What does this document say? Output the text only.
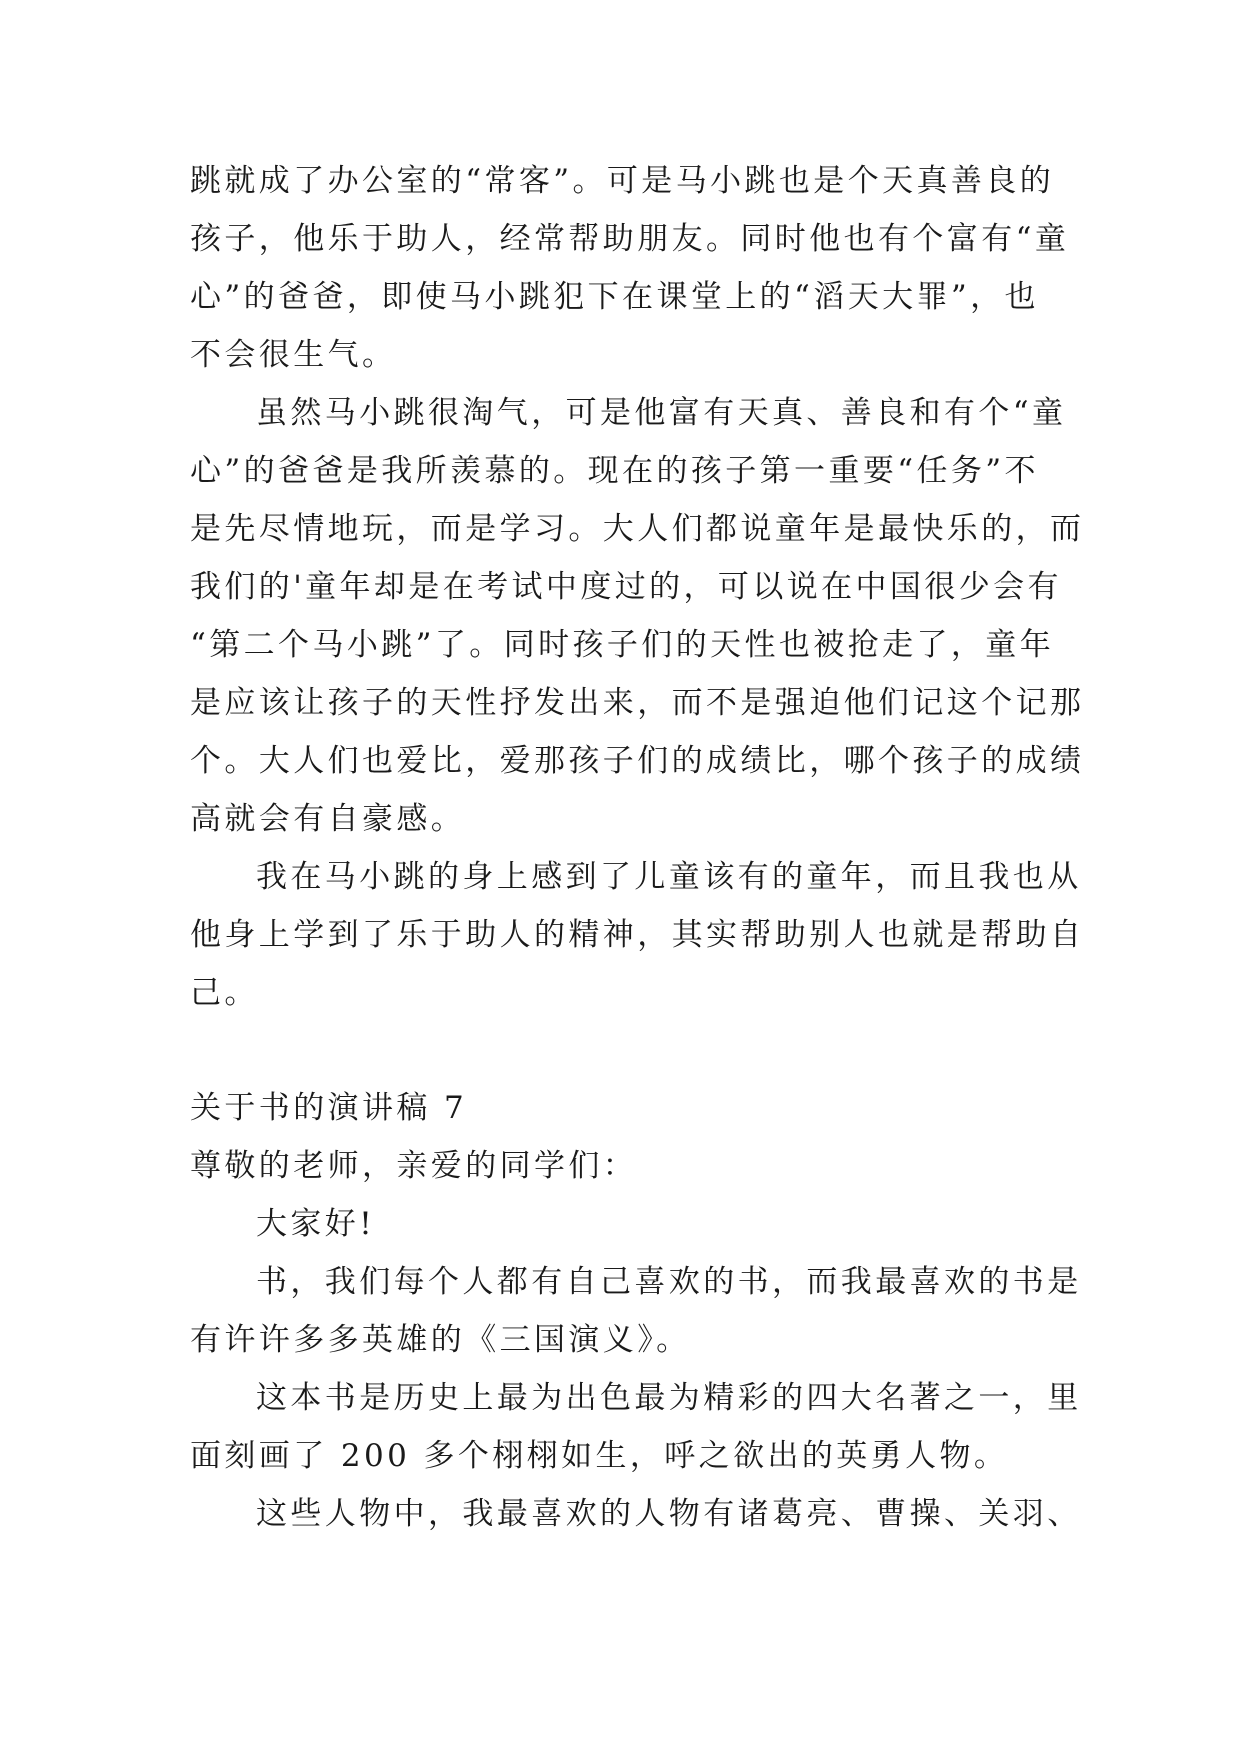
跳就成了办公室的“常客”。可是马小跳也是个天真善良的

孩子，他乐于助人，经常帮助朋友。同时他也有个富有“童

心”的爸爸，即使马小跳犯下在课堂上的“滔天大罪”，也

不会很生气。

虽然马小跳很淘气，可是他富有天真、善良和有个“童

心”的爸爸是我所羡慕的。现在的孩子第一重要“任务”不

是先尽情地玩，而是学习。大人们都说童年是最快乐的，而

我们的'童年却是在考试中度过的，可以说在中国很少会有

“第二个马小跳”了。同时孩子们的天性也被抢走了，童年

是应该让孩子的天性抒发出来，而不是强迫他们记这个记那

个。大人们也爱比，爱那孩子们的成绩比，哪个孩子的成绩

高就会有自豪感。

我在马小跳的身上感到了儿童该有的童年，而且我也从

他身上学到了乐于助人的精神，其实帮助别人也就是帮助自

己。

关于书的演讲稿 7

尊敬的老师，亲爱的同学们：

大家好!

书，我们每个人都有自己喜欢的书，而我最喜欢的书是

有许许多多英雄的《三国演义》。

这本书是历史上最为出色最为精彩的四大名著之一，里

面刻画了 200 多个栩栩如生，呼之欲出的英勇人物。

这些人物中，我最喜欢的人物有诸葛亮、曹操、关羽、
